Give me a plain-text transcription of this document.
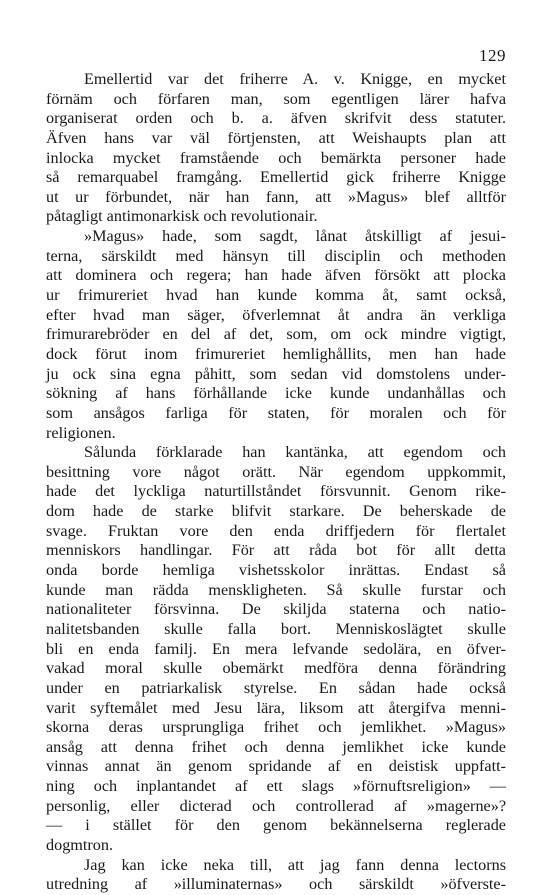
129
Emellertid var det friherre A. v. Knigge, en mycket
förnäm och förfaren man, som egentligen lärer hafva
organiserat orden och b. a. äfven skrifvit dess statuter.
Äfven hans var väl förtjensten, att Weishaupts plan att
inlocka mycket framstående och bemärkta personer hade
så remarquabel framgång. Emellertid gick friherre Knigge
ut ur förbundet, när han fann, att »Magus» blef alltför
påtagligt antimonarkisk och revolutionair.
»Magus» hade, som sagdt, lånat åtskilligt af jesui-
terna, särskildt med hänsyn till disciplin och methoden
att dominera och regera; han hade äfven försökt att plocka
ur frimureriet hvad han kunde komma åt, samt också,
efter hvad man säger, öfverlemnat åt andra än verkliga
frimurarebröder en del af det, som, om ock mindre vigtigt,
dock förut inom frimureriet hemlighållits, men han hade
ju ock sina egna påhitt, som sedan vid domstolens under-
sökning af hans förhållande icke kunde undanhållas och
som ansågos farliga för staten, för moralen och för
religionen.
Sålunda förklarade han kantänka, att egendom och
besittning vore något orätt. När egendom uppkommit,
hade det lyckliga naturtillståndet försvunnit. Genom rike-
dom hade de starke blifvit starkare. De beherskade de
svage. Fruktan vore den enda driffjedern för flertalet
menniskors handlingar. För att råda bot för allt detta
onda borde hemliga vishetsskolor inrättas. Endast så
kunde man rädda menskligheten. Så skulle furstar och
nationaliteter försvinna. De skiljda staterna och natio-
nalitetsbanden skulle falla bort. Menniskoslägtet skulle
bli en enda familj. En mera lefvande sedolära, en öfver-
vakad moral skulle obemärkt medföra denna förändring
under en patriarkalisk styrelse. En sådan hade också
varit syftemålet med Jesu lära, liksom att återgifva menni-
skorna deras ursprungliga frihet och jemlikhet. »Magus»
ansåg att denna frihet och denna jemlikhet icke kunde
vinnas annat än genom spridande af en deistisk uppfatt-
ning och inplantandet af ett slags »förnuftsreligion» —
personlig, eller dicterad och controllerad af »magerne»?
— i stället för den genom bekännelserna reglerade
dogmtron.
Jag kan icke neka till, att jag fann denna lectorns
utredning af »illuminaternas» och särskildt »öfverste-
